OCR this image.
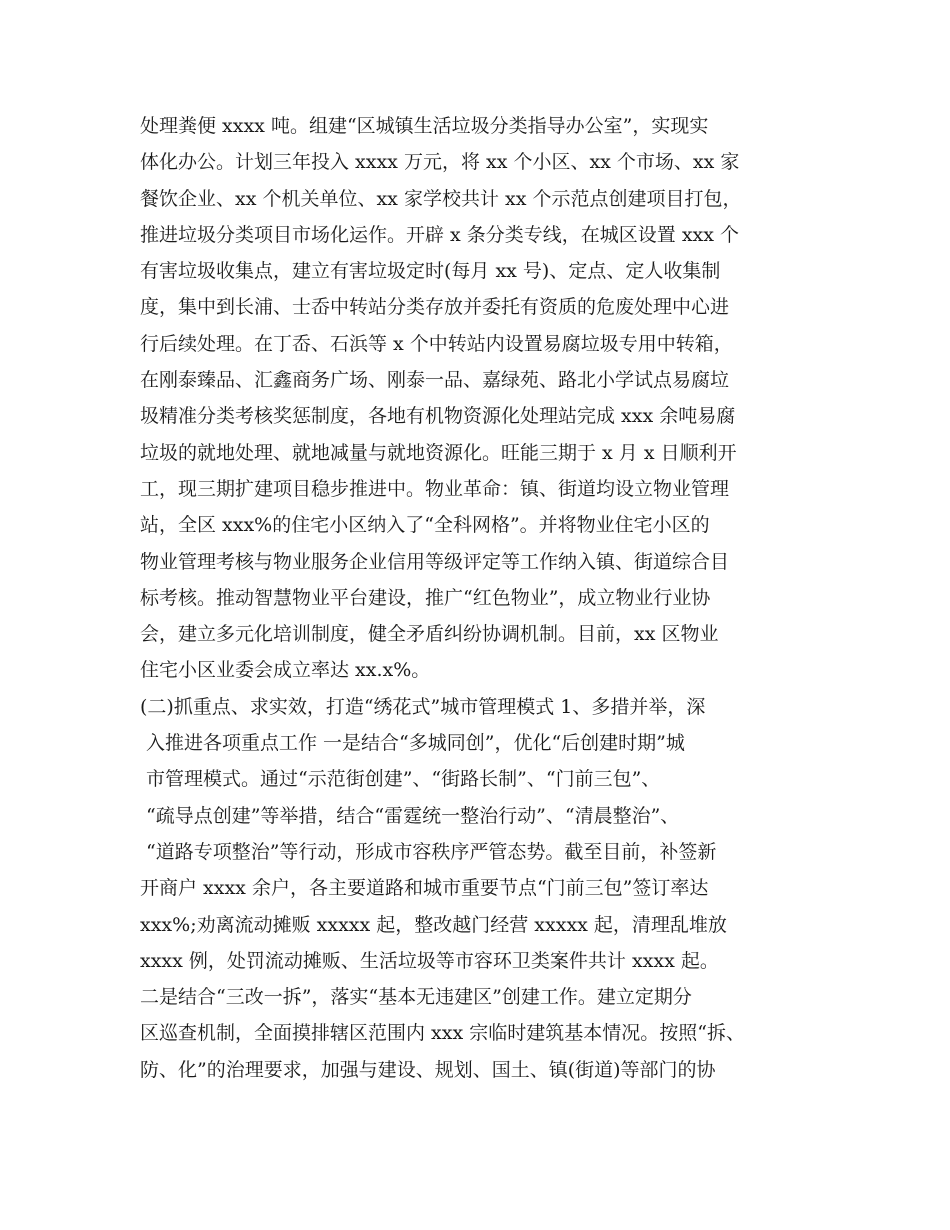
处理粪便 xxxx 吨。组建“区城镇生活垃圾分类指导办公室”，实现实
体化办公。计划三年投入 xxxx 万元，将 xx 个小区、xx 个市场、xx 家
餐饮企业、xx 个机关单位、xx 家学校共计 xx 个示范点创建项目打包，
推进垃圾分类项目市场化运作。开辟 x 条分类专线，在城区设置 xxx 个
有害垃圾收集点，建立有害垃圾定时(每月 xx 号)、定点、定人收集制
度，集中到长浦、士岙中转站分类存放并委托有资质的危废处理中心进
行后续处理。在丁岙、石浜等 x 个中转站内设置易腐垃圾专用中转箱，
在刚泰臻品、汇鑫商务广场、刚泰一品、嘉绿苑、路北小学试点易腐垃
圾精准分类考核奖惩制度，各地有机物资源化处理站完成 xxx 余吨易腐
垃圾的就地处理、就地减量与就地资源化。旺能三期于 x 月 x 日顺利开
工，现三期扩建项目稳步推进中。物业革命：镇、街道均设立物业管理
站，全区 xxx%的住宅小区纳入了“全科网格”。并将物业住宅小区的
物业管理考核与物业服务企业信用等级评定等工作纳入镇、街道综合目
标考核。推动智慧物业平台建设，推广“红色物业”，成立物业行业协
会，建立多元化培训制度，健全矛盾纠纷协调机制。目前，xx 区物业
住宅小区业委会成立率达 xx.x%。
(二)抓重点、求实效，打造“绣花式”城市管理模式 1、多措并举，深
入推进各项重点工作 一是结合“多城同创”，优化“后创建时期”城
市管理模式。通过“示范街创建”、“街路长制”、“门前三包”、
“疏导点创建”等举措，结合“雷霆统一整治行动”、“清晨整治”、
“道路专项整治”等行动，形成市容秩序严管态势。截至目前，补签新
开商户 xxxx 余户，各主要道路和城市重要节点“门前三包”签订率达
xxx%;劝离流动摊贩 xxxxx 起，整改越门经营 xxxxx 起，清理乱堆放
xxxx 例，处罚流动摊贩、生活垃圾等市容环卫类案件共计 xxxx 起。
二是结合“三改一拆”，落实“基本无违建区”创建工作。建立定期分
区巡查机制，全面摸排辖区范围内 xxx 宗临时建筑基本情况。按照“拆、
防、化”的治理要求，加强与建设、规划、国土、镇(街道)等部门的协
